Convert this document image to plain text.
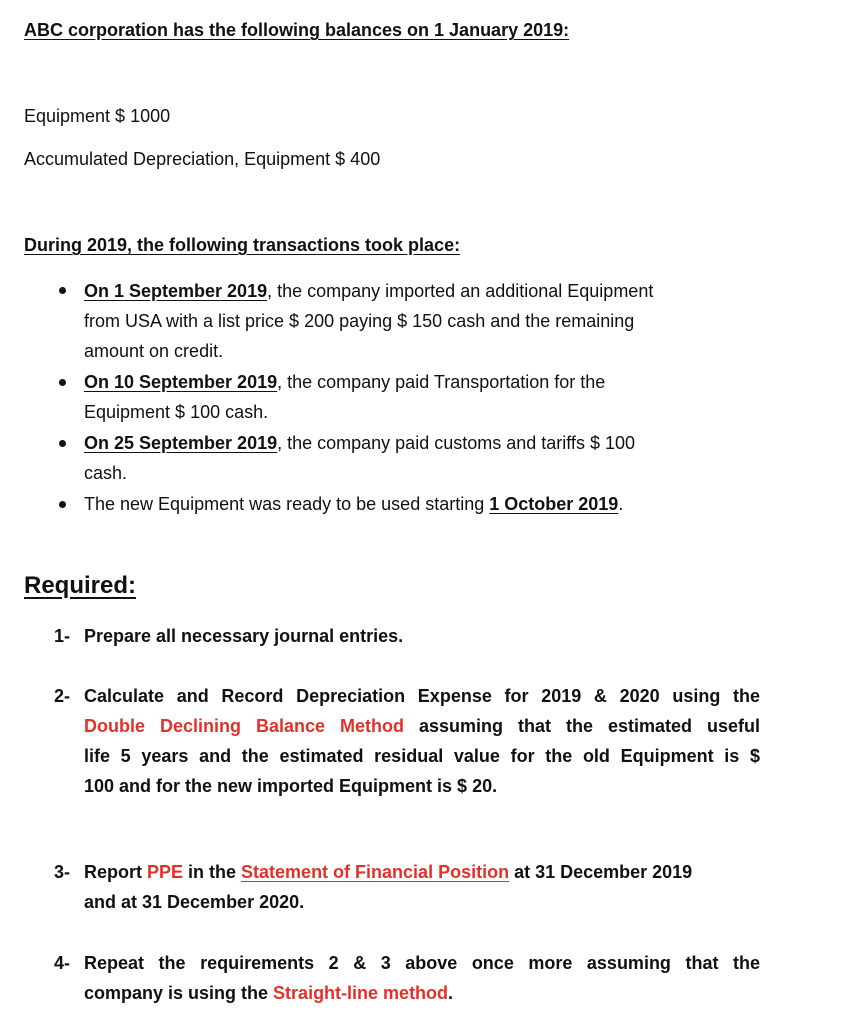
ABC corporation has the following balances on 1 January 2019:
Equipment $ 1000
Accumulated Depreciation, Equipment $ 400
During 2019, the following transactions took place:
On 1 September 2019, the company imported an additional Equipment
from USA with a list price $ 200 paying $ 150 cash and the remaining
amount on credit.
On 10 September 2019, the company paid Transportation for the
Equipment $ 100 cash.
On 25 September 2019, the company paid customs and tariffs $ 100
cash.
The new Equipment was ready to be used starting 1 October 2019.
Required:
1- Prepare all necessary journal entries.
2- Calculate and Record Depreciation Expense for 2019 & 2020 using the
Double Declining Balance Method assuming that the estimated useful
life 5 years and the estimated residual value for the old Equipment is $
100 and for the new imported Equipment is $ 20.
3- Report PPE in the Statement of Financial Position at 31 December 2019
and at 31 December 2020.
4- Repeat the requirements 2 & 3 above once more assuming that the
company is using the Straight-line method.
